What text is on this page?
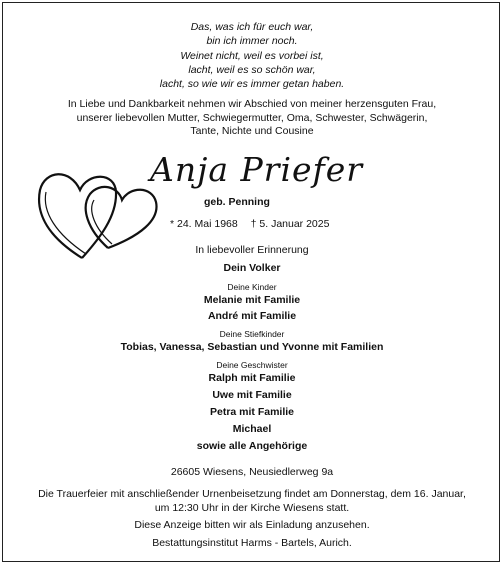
Das, was ich für euch war,
bin ich immer noch.
Weinet nicht, weil es vorbei ist,
lacht, weil es so schön war,
lacht, so wie wir es immer getan haben.
In Liebe und Dankbarkeit nehmen wir Abschied von meiner herzensguten Frau,
unserer liebevollen Mutter, Schwiegermutter, Oma, Schwester, Schwägerin,
Tante, Nichte und Cousine
Anja Priefer
geb. Penning
* 24. Mai 1968 † 5. Januar 2025
In liebevoller Erinnerung
Dein Volker
Deine Kinder
Melanie mit Familie
André mit Familie
Deine Stiefkinder
Tobias, Vanessa, Sebastian und Yvonne mit Familien
Deine Geschwister
Ralph mit Familie
Uwe mit Familie
Petra mit Familie
Michael
sowie alle Angehörige
26605 Wiesens, Neusiedlerweg 9a
Die Trauerfeier mit anschließender Urnenbeisetzung findet am Donnerstag, dem 16. Januar,
um 12:30 Uhr in der Kirche Wiesens statt.
Diese Anzeige bitten wir als Einladung anzusehen.
Bestattungsinstitut Harms - Bartels, Aurich.
